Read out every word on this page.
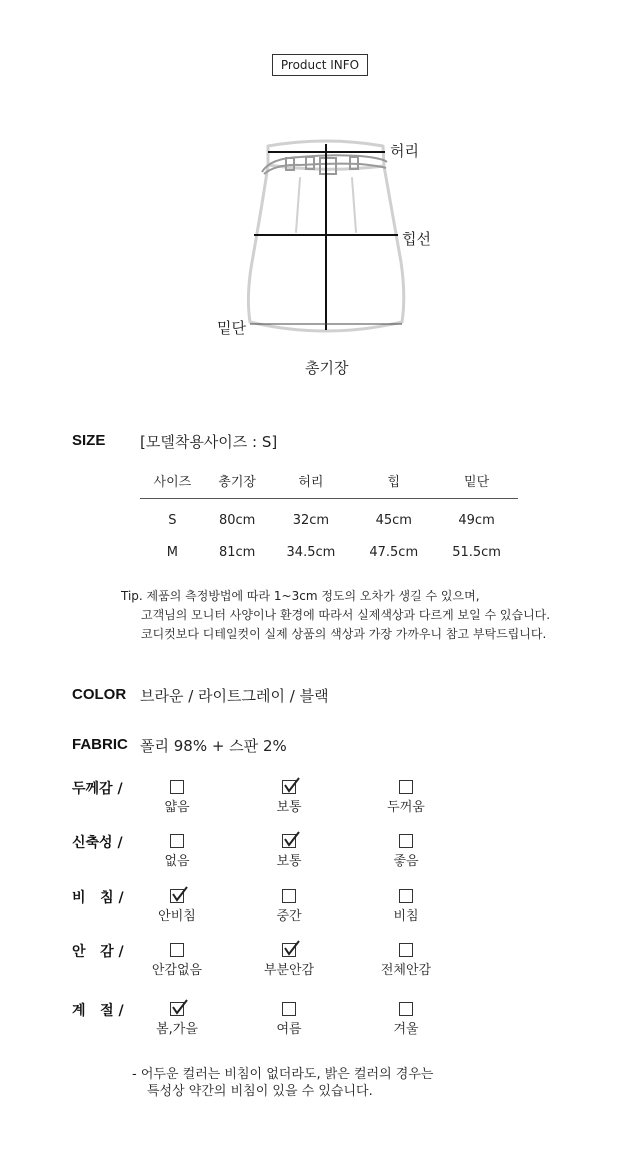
Product INFO
허리
힙선
밑단
총기장
SIZE [모델착용사이즈 : S]
사이즈	총기장	허리	힙	밑단
S	80cm	32cm	45cm	49cm
M	81cm	34.5cm	47.5cm	51.5cm
Tip. 제품의 측정방법에 따라 1~3cm 정도의 오차가 생길 수 있으며,
고객님의 모니터 사양이나 환경에 따라서 실제색상과 다르게 보일 수 있습니다.
코디컷보다 디테일컷이 실제 상품의 색상과 가장 가까우니 참고 부탁드립니다.
COLOR 브라운 / 라이트그레이 / 블랙
FABRIC 폴리 98% + 스판 2%
두께감 /
얇음	보통	두꺼움
신축성 /
없음	보통	좋음
비   침 /
안비침	중간	비침
안   감 /
안감없음	부분안감	전체안감
계   절 /
봄,가을	여름	겨울
- 어두운 컬러는 비침이 없더라도, 밝은 컬러의 경우는
특성상 약간의 비침이 있을 수 있습니다.
